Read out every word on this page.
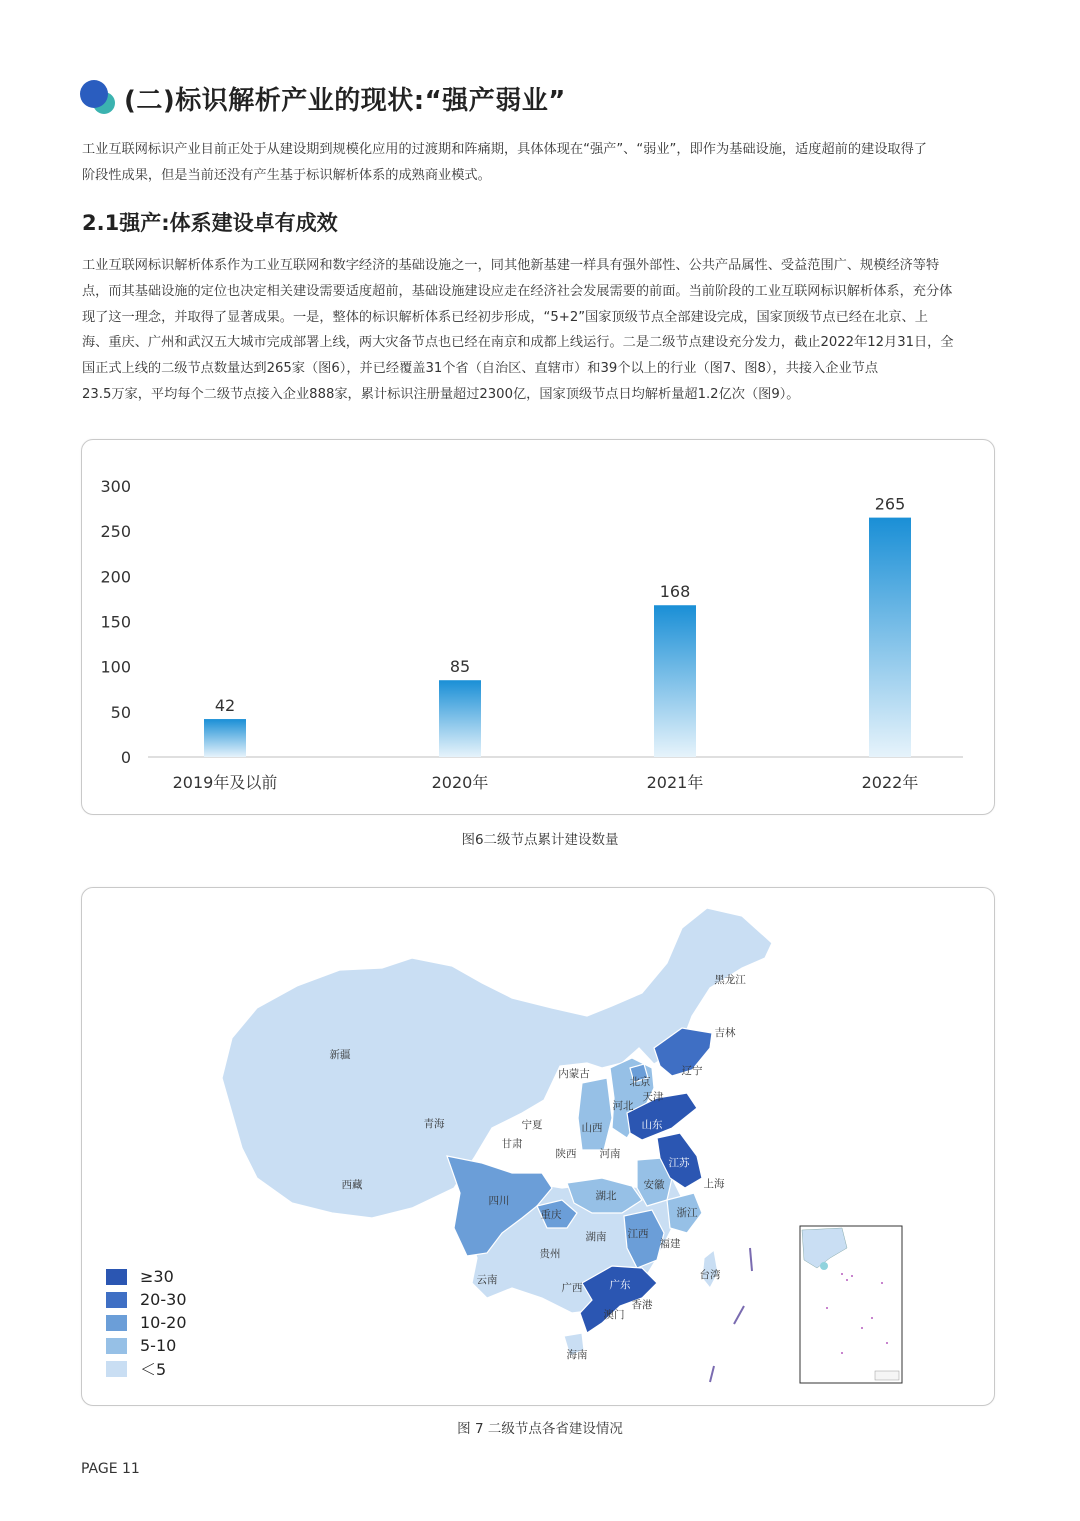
(二)标识解析产业的现状:“强产弱业”
工业互联网标识产业目前正处于从建设期到规模化应用的过渡期和阵痛期，具体体现在“强产”、“弱业”，即作为基础设施，适度超前的建设取得了
阶段性成果，但是当前还没有产生基于标识解析体系的成熟商业模式。
2.1强产:体系建设卓有成效
工业互联网标识解析体系作为工业互联网和数字经济的基础设施之一，同其他新基建一样具有强外部性、公共产品属性、受益范围广、规模经济等特
点，而其基础设施的定位也决定相关建设需要适度超前，基础设施建设应走在经济社会发展需要的前面。当前阶段的工业互联网标识解析体系，充分体
现了这一理念，并取得了显著成果。一是，整体的标识解析体系已经初步形成，“5+2”国家顶级节点全部建设完成，国家顶级节点已经在北京、上
海、重庆、广州和武汉五大城市完成部署上线，两大灾备节点也已经在南京和成都上线运行。二是二级节点建设充分发力，截止2022年12月31日，全
国正式上线的二级节点数量达到265家（图6），并已经覆盖31个省（自治区、直辖市）和39个以上的行业（图7、图8），共接入企业节点
23.5万家，平均每个二级节点接入企业888家，累计标识注册量超过2300亿，国家顶级节点日均解析量超1.2亿次（图9）。
0
50
100
150
200
250
300
42
85
168
265
2019年及以前	2020年	2021年	2022年
图6二级节点累计建设数量
黑龙江
吉林
辽宁
内蒙古
新疆
西藏
青海
甘肃
宁夏
陕西
山西
河北
北京
天津
山东
河南
江苏
上海
安徽
湖北
四川
重庆	浙江
湖南 江西
福建
贵州
云南
广西	广东
台湾
澳门
香港
海南
≥30
20-30
10-20
5-10
＜5
图 7 二级节点各省建设情况
PAGE 11
